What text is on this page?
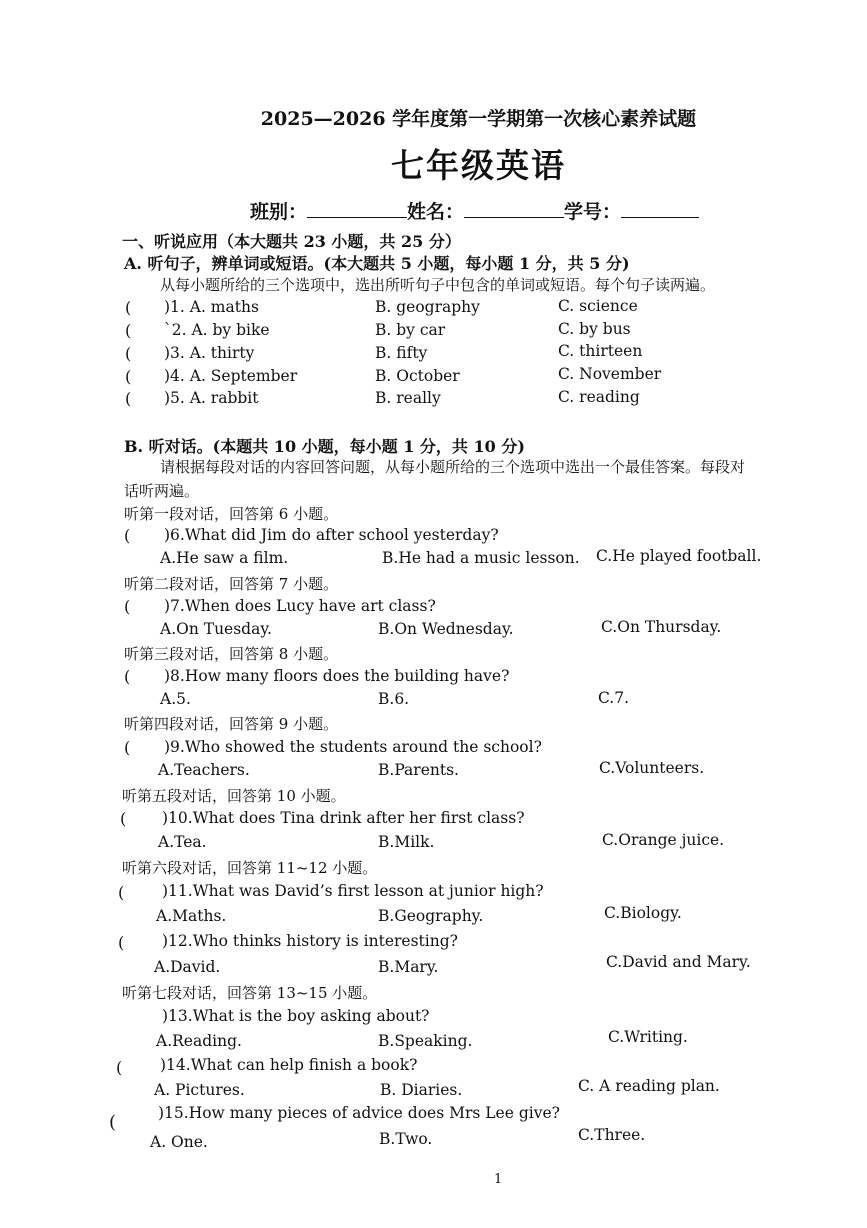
2025—2026 学年度第一学期第一次核心素养试题
七年级英语
班别：	姓名：	学号：
一、听说应用（本大题共 23 小题，共 25 分）
A. 听句子，辨单词或短语。(本大题共 5 小题，每小题 1 分，共 5 分)
从每小题所给的三个选项中，选出所听句子中包含的单词或短语。每个句子读两遍。
( )1. A. maths	B. geography	C. science
( `2. A. by bike	B. by car	C. by bus
( )3. A. thirty	B. fifty	C. thirteen
( )4. A. September	B. October	C. November
( )5. A. rabbit	B. really	C. reading
B. 听对话。(本题共 10 小题，每小题 1 分，共 10 分)
请根据每段对话的内容回答问题，从每小题所给的三个选项中选出一个最佳答案。每段对
话听两遍。
听第一段对话，回答第 6 小题。
( )6.What did Jim do after school yesterday?
A.He saw a film.	B.He had a music lesson. C.He played football.
听第二段对话，回答第 7 小题。
( )7.When does Lucy have art class?
A.On Tuesday.	B.On Wednesday.	C.On Thursday.
听第三段对话，回答第 8 小题。
( )8.How many floors does the building have?
A.5.	B.6.	C.7.
听第四段对话，回答第 9 小题。
( )9.Who showed the students around the school?
A.Teachers.	B.Parents.	C.Volunteers.
听第五段对话，回答第 10 小题。
( )10.What does Tina drink after her first class?
A.Tea.	B.Milk.	C.Orange juice.
听第六段对话，回答第 11~12 小题。
( )11.What was David’s first lesson at junior high?
A.Maths.	B.Geography.	C.Biology.
( )12.Who thinks history is interesting?
A.David.	B.Mary.	C.David and Mary.
听第七段对话，回答第 13~15 小题。
)13.What is the boy asking about?
A.Reading.	B.Speaking.	C.Writing.
( )14.What can help finish a book?
A. Pictures.	B. Diaries.	C. A reading plan.
(	)15.How many pieces of advice does Mrs Lee give?
A. One.	B.Two.	C.Three.
1
